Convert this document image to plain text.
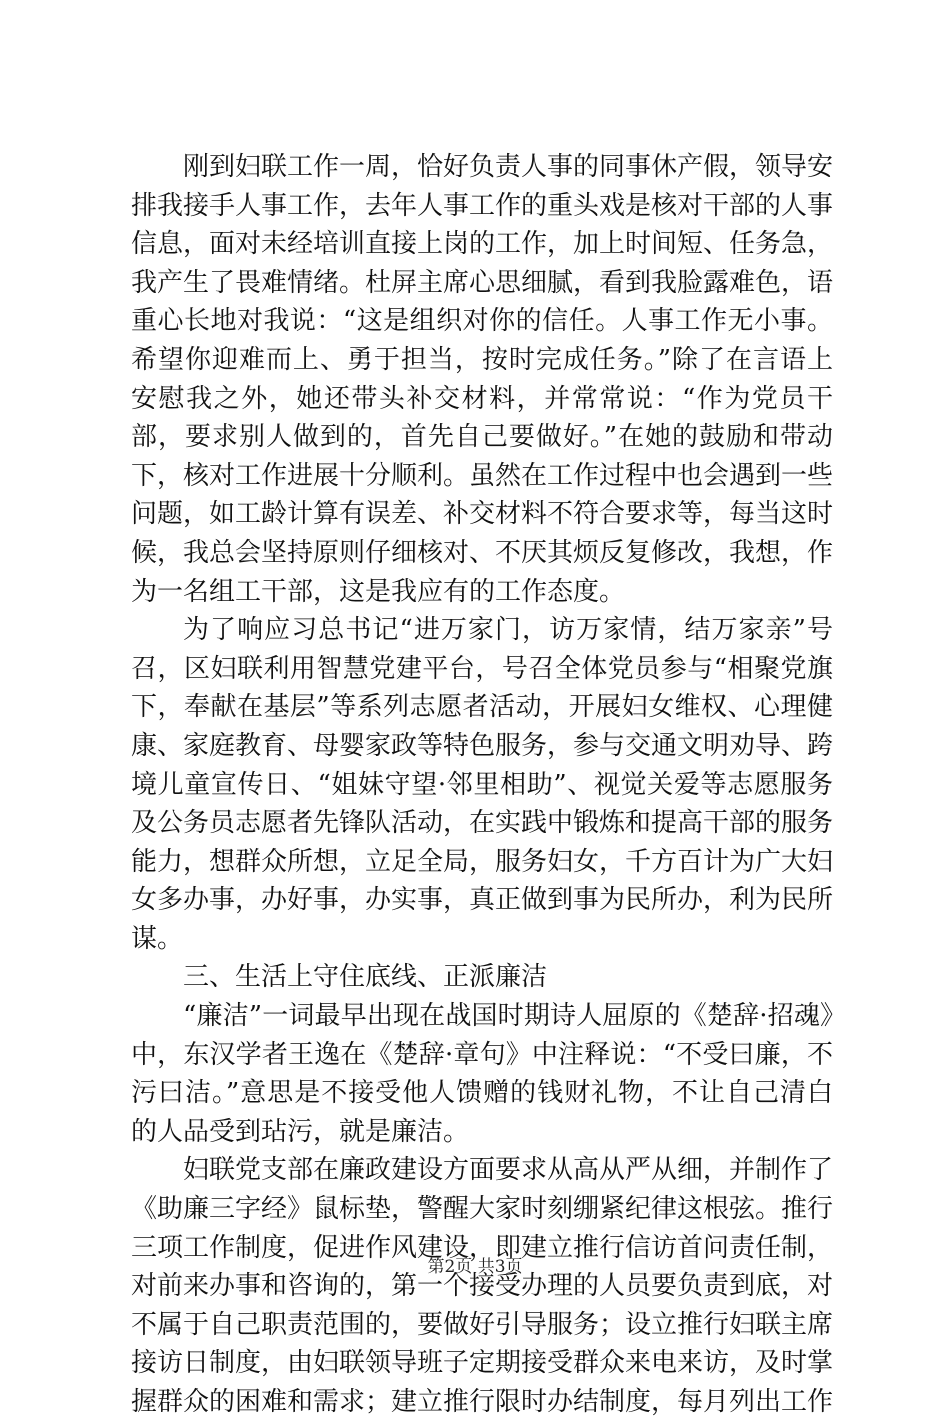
刚到妇联工作一周，恰好负责人事的同事休产假，领导安排我接手人事工作，去年人事工作的重头戏是核对干部的人事信息，面对未经培训直接上岗的工作，加上时间短、任务急，我产生了畏难情绪。杜屏主席心思细腻，看到我脸露难色，语重心长地对我说：“这是组织对你的信任。人事工作无小事。希望你迎难而上、勇于担当，按时完成任务。”除了在言语上安慰我之外，她还带头补交材料，并常常说：“作为党员干部，要求别人做到的，首先自己要做好。”在她的鼓励和带动下，核对工作进展十分顺利。虽然在工作过程中也会遇到一些问题，如工龄计算有误差、补交材料不符合要求等，每当这时候，我总会坚持原则仔细核对、不厌其烦反复修改，我想，作为一名组工干部，这是我应有的工作态度。

为了响应习总书记“进万家门，访万家情，结万家亲”号召，区妇联利用智慧党建平台，号召全体党员参与“相聚党旗下，奉献在基层”等系列志愿者活动，开展妇女维权、心理健康、家庭教育、母婴家政等特色服务，参与交通文明劝导、跨境儿童宣传日、“姐妹守望·邻里相助”、视觉关爱等志愿服务及公务员志愿者先锋队活动，在实践中锻炼和提高干部的服务能力，想群众所想，立足全局，服务妇女，千方百计为广大妇女多办事，办好事，办实事，真正做到事为民所办，利为民所谋。

三、生活上守住底线、正派廉洁

“廉洁”一词最早出现在战国时期诗人屈原的《楚辞·招魂》中，东汉学者王逸在《楚辞·章句》中注释说：“不受曰廉，不污曰洁。”意思是不接受他人馈赠的钱财礼物，不让自己清白的人品受到玷污，就是廉洁。

妇联党支部在廉政建设方面要求从高从严从细，并制作了《助廉三字经》鼠标垫，警醒大家时刻绷紧纪律这根弦。推行三项工作制度，促进作风建设，即建立推行信访首问责任制，对前来办事和咨询的，第一个接受办理的人员要负责到底，对不属于自己职责范围的，要做好引导服务；设立推行妇联主席接访日制度，由妇联领导班子定期接受群众来电来访，及时掌握群众的困难和需求；建立推行限时办结制度，每月列出工作

第2页 共3页
